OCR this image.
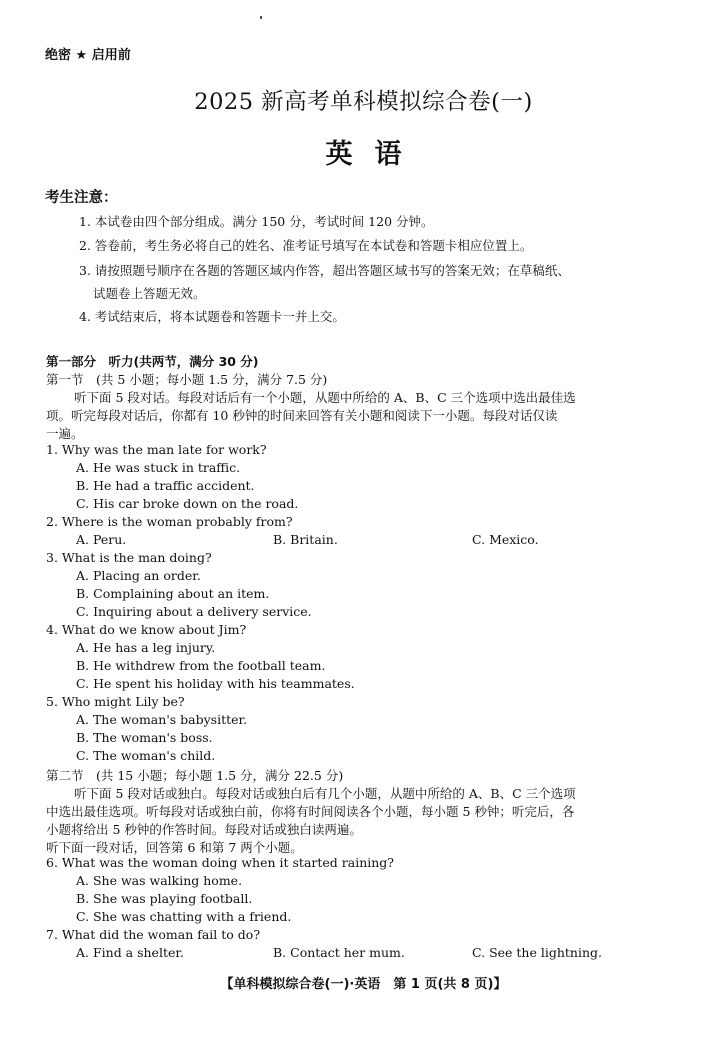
绝密 ★ 启用前
2025 新高考单科模拟综合卷(一)
英语
考生注意：
1. 本试卷由四个部分组成。满分 150 分，考试时间 120 分钟。
2. 答卷前，考生务必将自己的姓名、准考证号填写在本试卷和答题卡相应位置上。
3. 请按照题号顺序在各题的答题区域内作答，超出答题区域书写的答案无效；在草稿纸、
试题卷上答题无效。
4. 考试结束后，将本试题卷和答题卡一并上交。
第一部分　听力(共两节，满分 30 分)
第一节　(共 5 小题；每小题 1.5 分，满分 7.5 分)
听下面 5 段对话。每段对话后有一个小题，从题中所给的 A、B、C 三个选项中选出最佳选
项。听完每段对话后，你都有 10 秒钟的时间来回答有关小题和阅读下一小题。每段对话仅读
一遍。
1. Why was the man late for work?
A. He was stuck in traffic.
B. He had a traffic accident.
C. His car broke down on the road.
2. Where is the woman probably from?
A. Peru.	B. Britain.	C. Mexico.
3. What is the man doing?
A. Placing an order.
B. Complaining about an item.
C. Inquiring about a delivery service.
4. What do we know about Jim?
A. He has a leg injury.
B. He withdrew from the football team.
C. He spent his holiday with his teammates.
5. Who might Lily be?
A. The woman's babysitter.
B. The woman's boss.
C. The woman's child.
第二节　(共 15 小题；每小题 1.5 分，满分 22.5 分)
听下面 5 段对话或独白。每段对话或独白后有几个小题，从题中所给的 A、B、C 三个选项
中选出最佳选项。听每段对话或独白前，你将有时间阅读各个小题，每小题 5 秒钟；听完后，各
小题将给出 5 秒钟的作答时间。每段对话或独白读两遍。
听下面一段对话，回答第 6 和第 7 两个小题。
6. What was the woman doing when it started raining?
A. She was walking home.
B. She was playing football.
C. She was chatting with a friend.
7. What did the woman fail to do?
A. Find a shelter.	B. Contact her mum.	C. See the lightning.
【单科模拟综合卷(一)·英语　第 1 页(共 8 页)】
